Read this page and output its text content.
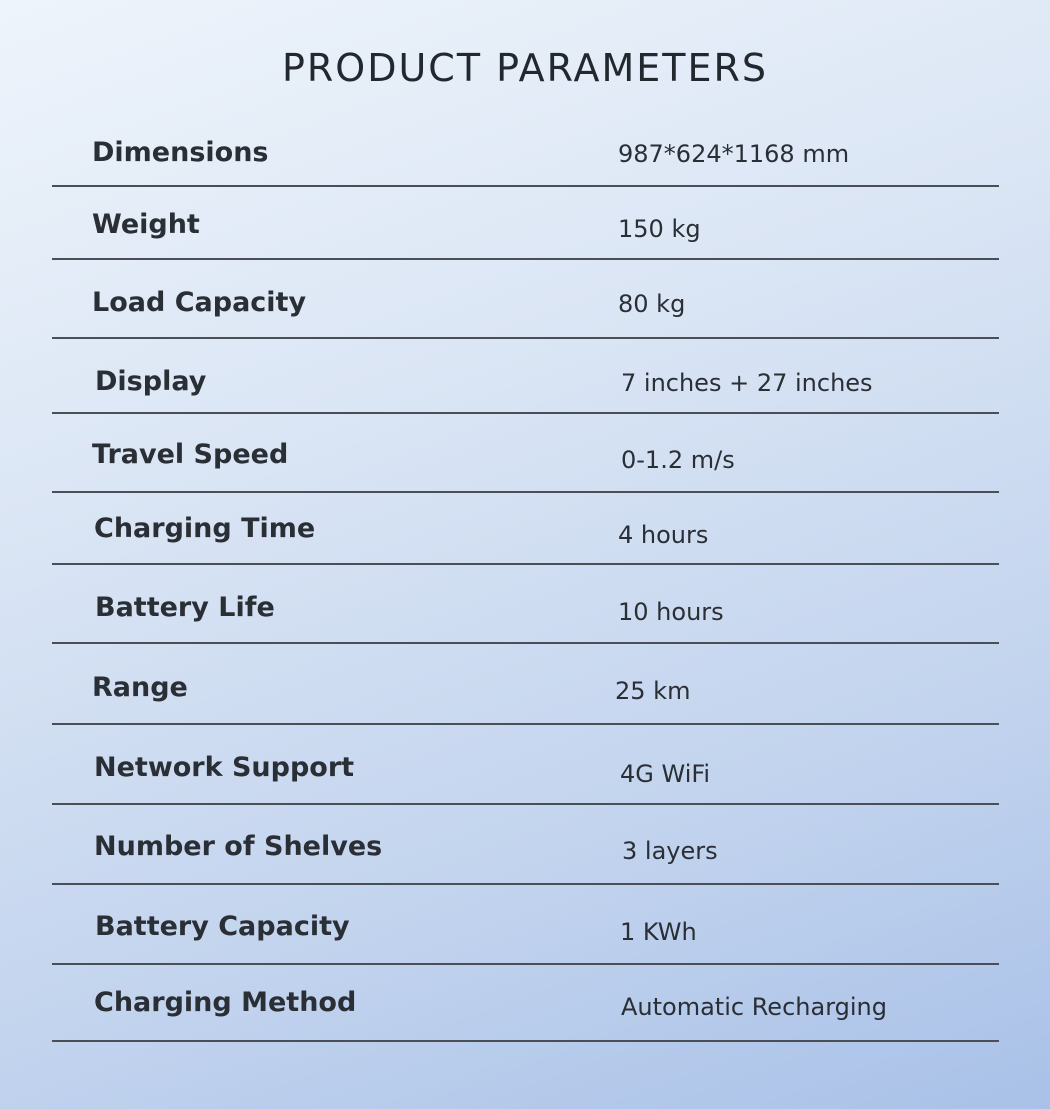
PRODUCT PARAMETERS
Dimensions	987*624*1168 mm
Weight	150 kg
Load Capacity	80 kg
Display	7 inches + 27 inches
Travel Speed	0-1.2 m/s
Charging Time	4 hours
Battery Life	10 hours
Range	25 km
Network Support	4G WiFi
Number of Shelves	3 layers
Battery Capacity	1 KWh
Charging Method	Automatic Recharging
